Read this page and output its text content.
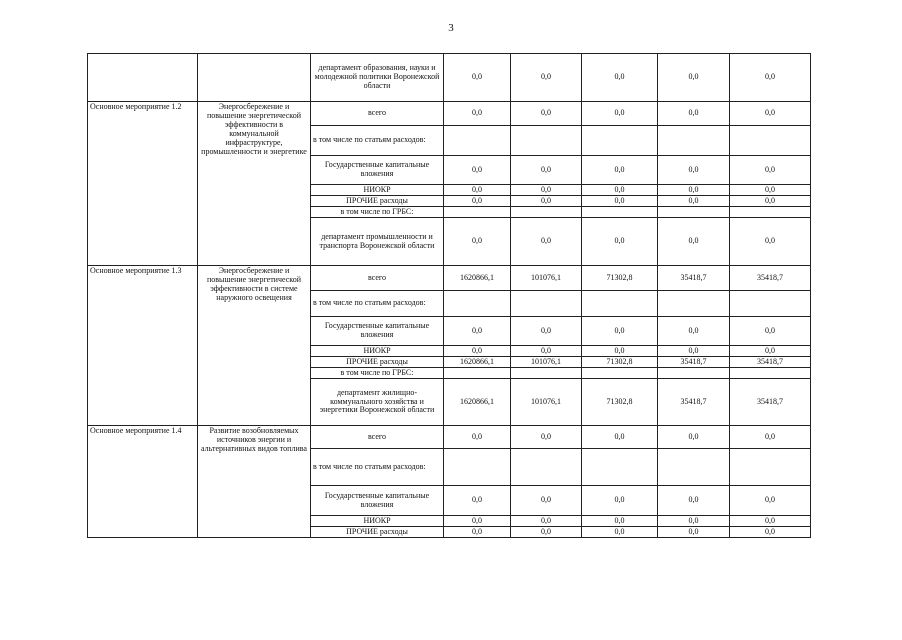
3
		департамент образования, науки и молодежной политики Воронежской области	0,0	0,0	0,0	0,0	0,0
Основное мероприятие 1.2	Энергосбережение и повышение энергетической эффективности в коммунальной инфраструктуре, промышленности и энергетике	всего	0,0	0,0	0,0	0,0	0,0
		в том числе по статьям расходов:					
		Государственные капитальные вложения	0,0	0,0	0,0	0,0	0,0
		НИОКР	0,0	0,0	0,0	0,0	0,0
		ПРОЧИЕ расходы	0,0	0,0	0,0	0,0	0,0
		в том числе по ГРБС:					
		департамент промышленности и транспорта Воронежской области	0,0	0,0	0,0	0,0	0,0
Основное мероприятие 1.3	Энергосбережение и повышение энергетической эффективности в системе наружного освещения	всего	1620866,1	101076,1	71302,8	35418,7	35418,7
		в том числе по статьям расходов:					
		Государственные капитальные вложения	0,0	0,0	0,0	0,0	0,0
		НИОКР	0,0	0,0	0,0	0,0	0,0
		ПРОЧИЕ расходы	1620866,1	101076,1	71302,8	35418,7	35418,7
		в том числе по ГРБС:					
		департамент жилищно-коммунального хозяйства и энергетики Воронежской области	1620866,1	101076,1	71302,8	35418,7	35418,7
Основное мероприятие 1.4	Развитие возобновляемых источников энергии и альтернативных видов топлива	всего	0,0	0,0	0,0	0,0	0,0
		в том числе по статьям расходов:					
		Государственные капитальные вложения	0,0	0,0	0,0	0,0	0,0
		НИОКР	0,0	0,0	0,0	0,0	0,0
		ПРОЧИЕ расходы	0,0	0,0	0,0	0,0	0,0
